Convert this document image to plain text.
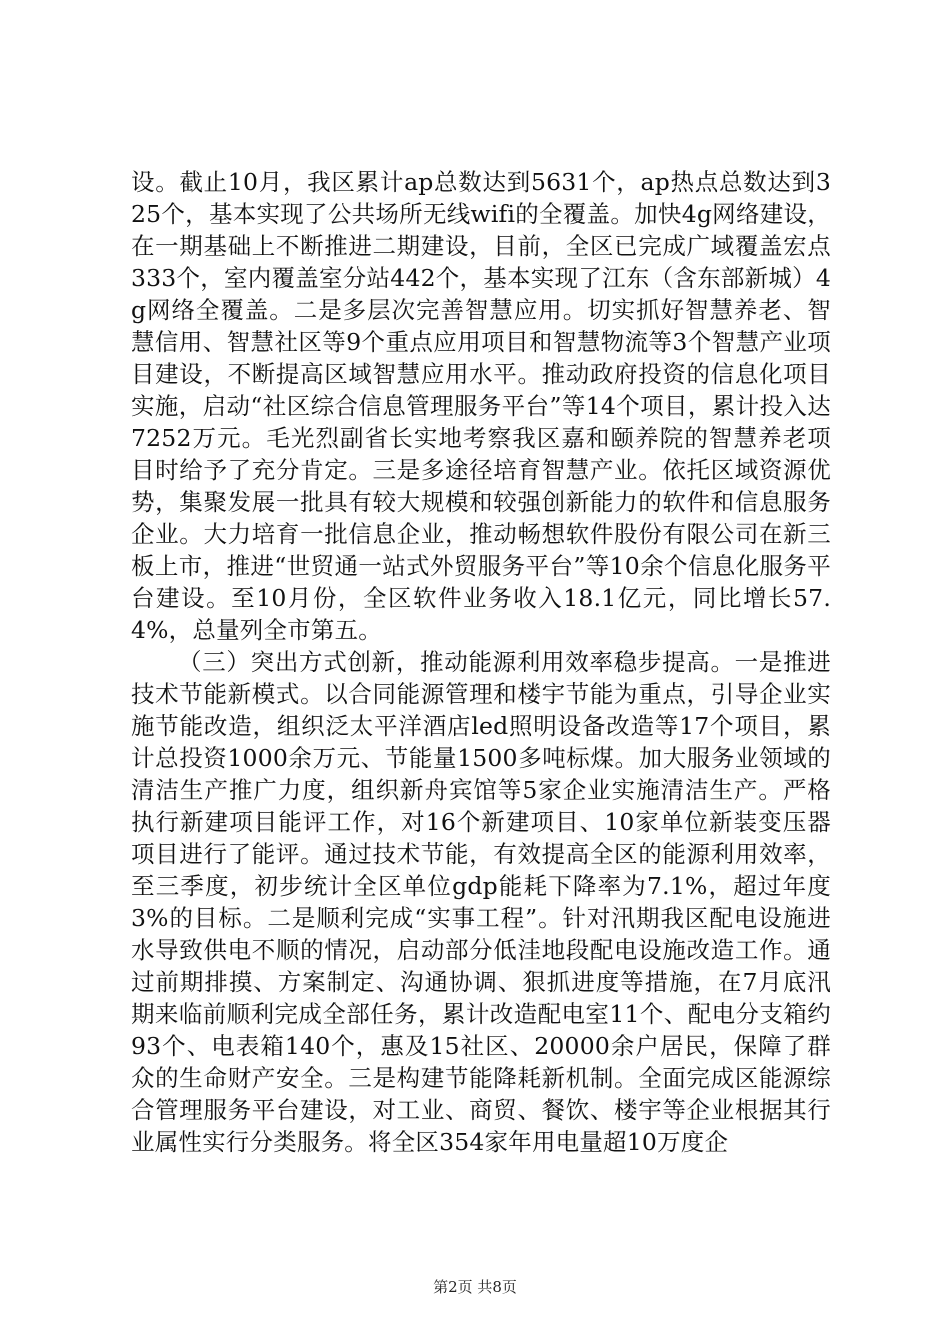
设。截止10月，我区累计ap总数达到5631个，ap热点总数达到325个，基本实现了公共场所无线wifi的全覆盖。加快4g网络建设，在一期基础上不断推进二期建设，目前，全区已完成广域覆盖宏点333个，室内覆盖室分站442个，基本实现了江东（含东部新城）4g网络全覆盖。二是多层次完善智慧应用。切实抓好智慧养老、智慧信用、智慧社区等9个重点应用项目和智慧物流等3个智慧产业项目建设，不断提高区域智慧应用水平。推动政府投资的信息化项目实施，启动“社区综合信息管理服务平台”等14个项目，累计投入达7252万元。毛光烈副省长实地考察我区嘉和颐养院的智慧养老项目时给予了充分肯定。三是多途径培育智慧产业。依托区域资源优势，集聚发展一批具有较大规模和较强创新能力的软件和信息服务企业。大力培育一批信息企业，推动畅想软件股份有限公司在新三板上市，推进“世贸通一站式外贸服务平台”等10余个信息化服务平台建设。至10月份，全区软件业务收入18.1亿元，同比增长57.4%，总量列全市第五。

（三）突出方式创新，推动能源利用效率稳步提高。一是推进技术节能新模式。以合同能源管理和楼宇节能为重点，引导企业实施节能改造，组织泛太平洋酒店led照明设备改造等17个项目，累计总投资1000余万元、节能量1500多吨标煤。加大服务业领域的清洁生产推广力度，组织新舟宾馆等5家企业实施清洁生产。严格执行新建项目能评工作，对16个新建项目、10家单位新装变压器项目进行了能评。通过技术节能，有效提高全区的能源利用效率，至三季度，初步统计全区单位gdp能耗下降率为7.1%，超过年度3%的目标。二是顺利完成“实事工程”。针对汛期我区配电设施进水导致供电不顺的情况，启动部分低洼地段配电设施改造工作。通过前期排摸、方案制定、沟通协调、狠抓进度等措施，在7月底汛期来临前顺利完成全部任务，累计改造配电室11个、配电分支箱约93个、电表箱140个，惠及15社区、20000余户居民，保障了群众的生命财产安全。三是构建节能降耗新机制。全面完成区能源综合管理服务平台建设，对工业、商贸、餐饮、楼宇等企业根据其行业属性实行分类服务。将全区354家年用电量超10万度企

第2页 共8页
